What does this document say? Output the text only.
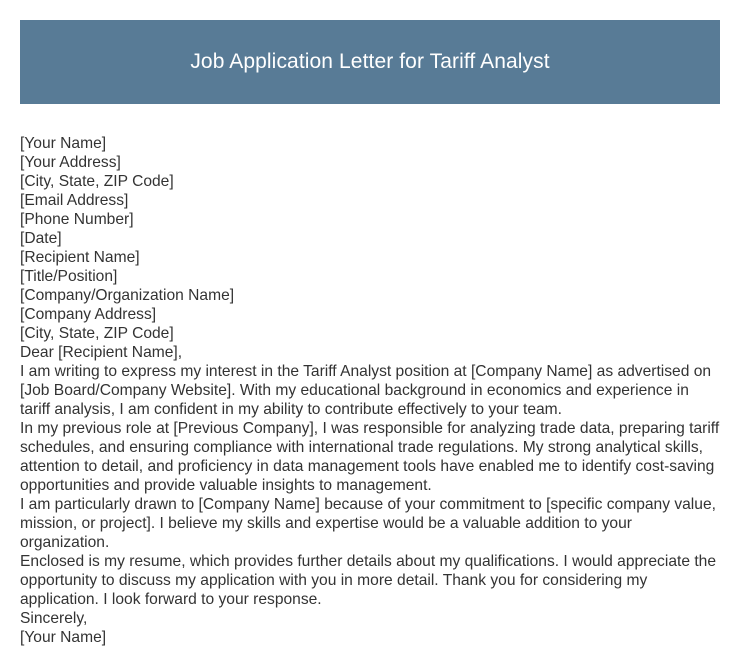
Job Application Letter for Tariff Analyst
[Your Name]
[Your Address]
[City, State, ZIP Code]
[Email Address]
[Phone Number]
[Date]
[Recipient Name]
[Title/Position]
[Company/Organization Name]
[Company Address]
[City, State, ZIP Code]
Dear [Recipient Name],
I am writing to express my interest in the Tariff Analyst position at [Company Name] as advertised on [Job Board/Company Website]. With my educational background in economics and experience in tariff analysis, I am confident in my ability to contribute effectively to your team.
In my previous role at [Previous Company], I was responsible for analyzing trade data, preparing tariff schedules, and ensuring compliance with international trade regulations. My strong analytical skills, attention to detail, and proficiency in data management tools have enabled me to identify cost-saving opportunities and provide valuable insights to management.
I am particularly drawn to [Company Name] because of your commitment to [specific company value, mission, or project]. I believe my skills and expertise would be a valuable addition to your organization.
Enclosed is my resume, which provides further details about my qualifications. I would appreciate the opportunity to discuss my application with you in more detail. Thank you for considering my application. I look forward to your response.
Sincerely,
[Your Name]
